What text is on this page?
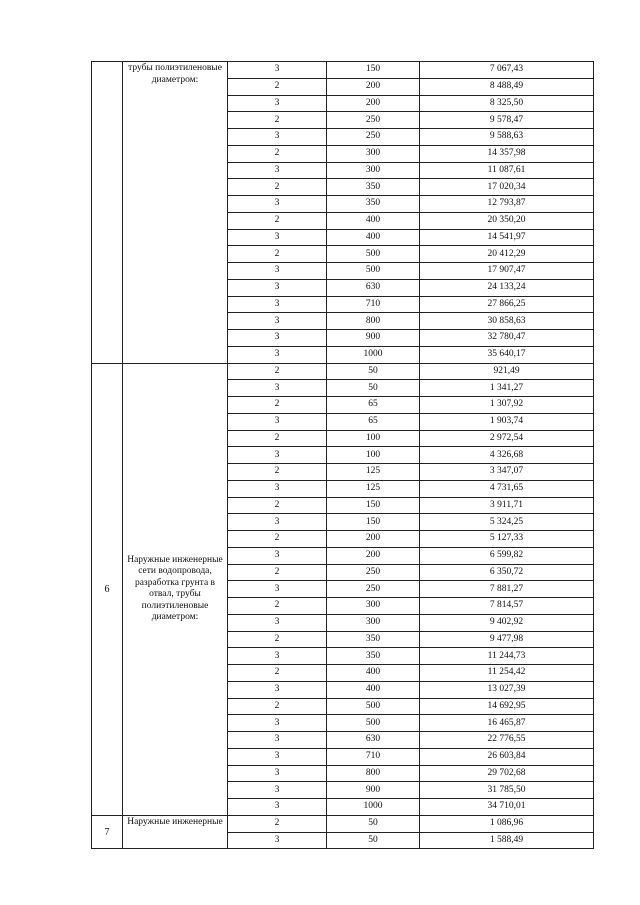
	трубы полиэтиленовые диаметром:	3	150	7 067,43
		2	200	8 488,49
		3	200	8 325,50
		2	250	9 578,47
		3	250	9 588,63
		2	300	14 357,98
		3	300	11 087,61
		2	350	17 020,34
		3	350	12 793,87
		2	400	20 350,20
		3	400	14 541,97
		2	500	20 412,29
		3	500	17 907,47
		3	630	24 133,24
		3	710	27 866,25
		3	800	30 858,63
		3	900	32 780,47
		3	1000	35 640,17
6	Наружные инженерные сети водопровода, разработка грунта в отвал, трубы полиэтиленовые диаметром:	2	50	921,49
		3	50	1 341,27
		2	65	1 307,92
		3	65	1 903,74
		2	100	2 972,54
		3	100	4 326,68
		2	125	3 347,07
		3	125	4 731,65
		2	150	3 911,71
		3	150	5 324,25
		2	200	5 127,33
		3	200	6 599,82
		2	250	6 350,72
		3	250	7 881,27
		2	300	7 814,57
		3	300	9 402,92
		2	350	9 477,98
		3	350	11 244,73
		2	400	11 254,42
		3	400	13 027,39
		2	500	14 692,95
		3	500	16 465,87
		3	630	22 776,55
		3	710	26 603,84
		3	800	29 702,68
		3	900	31 785,50
		3	1000	34 710,01
7	Наружные инженерные	2	50	1 086,96
		3	50	1 588,49
